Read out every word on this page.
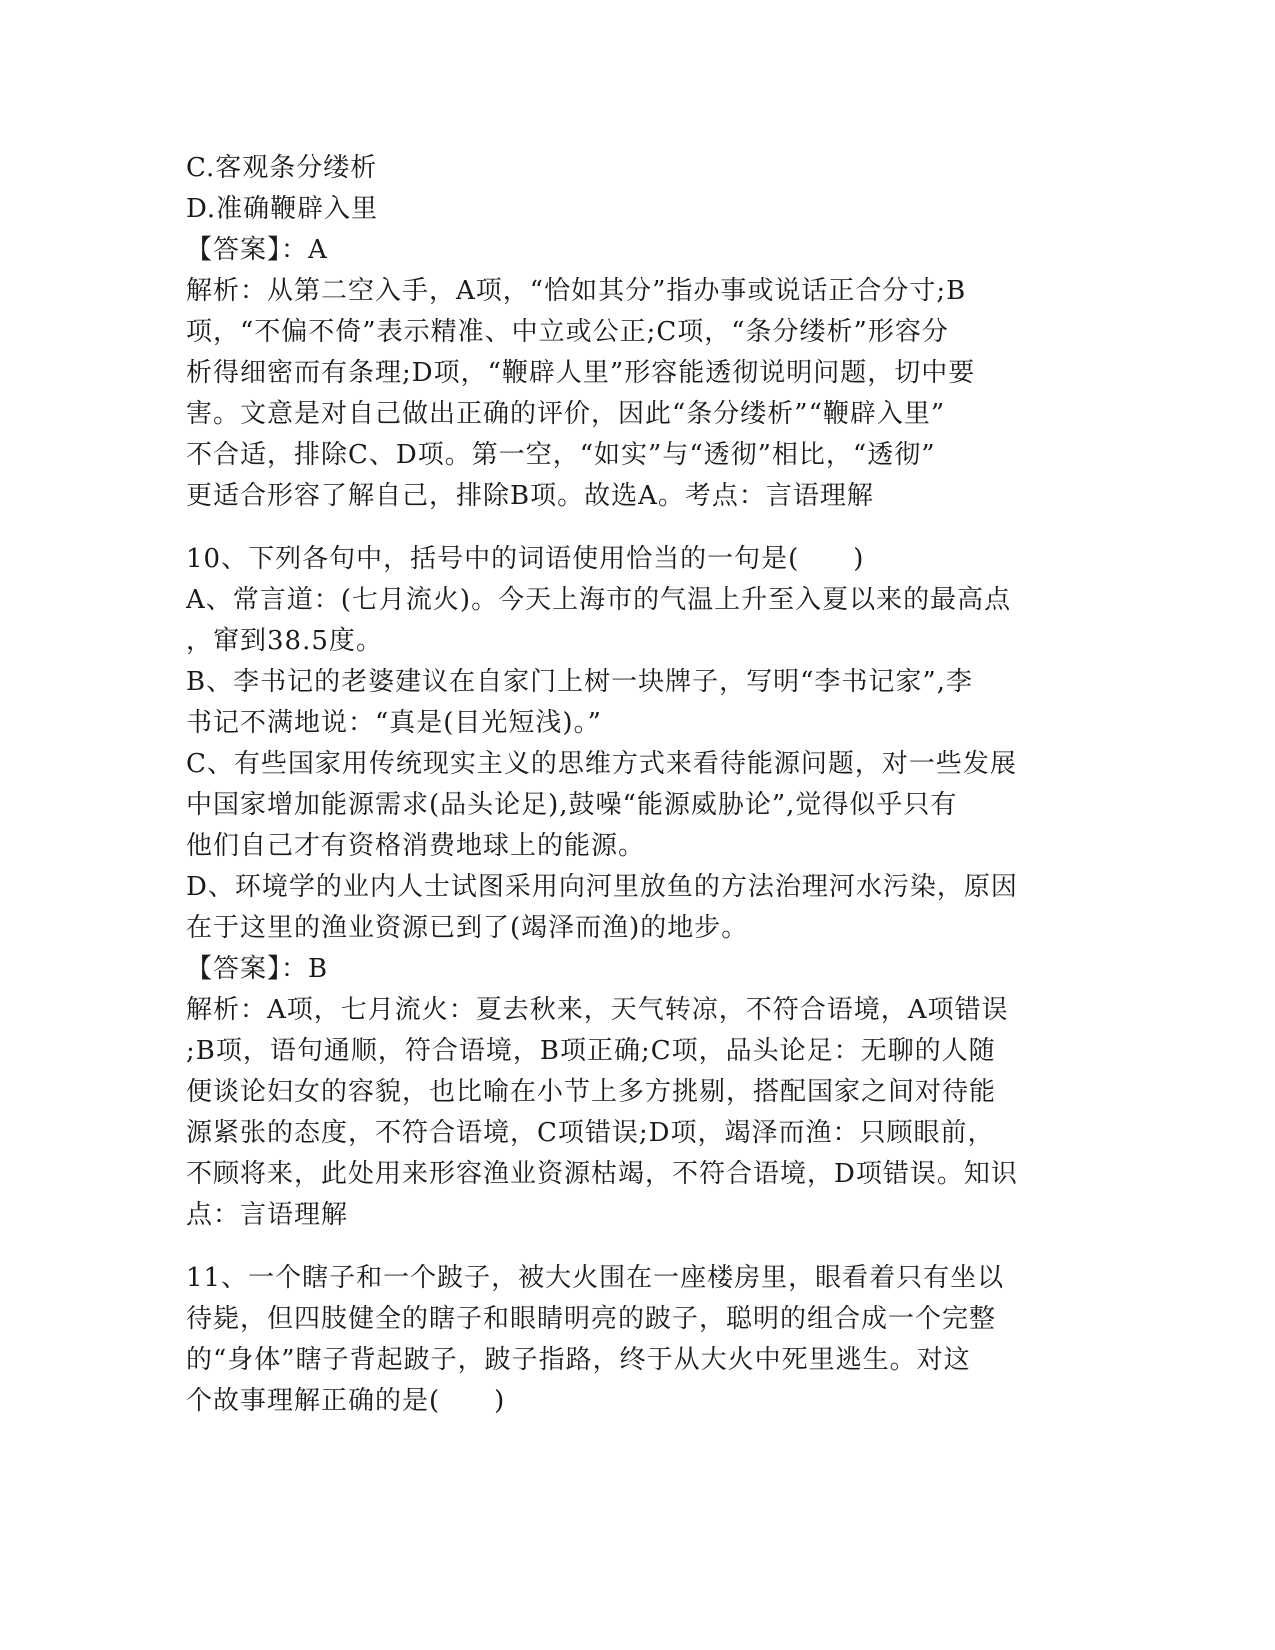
C.客观条分缕析
D.准确鞭辟入里
【答案】：A
解析：从第二空入手，A项，“恰如其分”指办事或说话正合分寸;B
项，“不偏不倚”表示精准、中立或公正;C项，“条分缕析”形容分
析得细密而有条理;D项，“鞭辟人里”形容能透彻说明问题，切中要
害。文意是对自己做出正确的评价，因此“条分缕析”“鞭辟入里”
不合适，排除C、D项。第一空，“如实”与“透彻”相比，“透彻”
更适合形容了解自己，排除B项。故选A。考点：言语理解
10、下列各句中，括号中的词语使用恰当的一句是(　　)
A、常言道：(七月流火)。今天上海市的气温上升至入夏以来的最高点
，窜到38.5度。
B、李书记的老婆建议在自家门上树一块牌子，写明“李书记家”,李
书记不满地说：“真是(目光短浅)。”
C、有些国家用传统现实主义的思维方式来看待能源问题，对一些发展
中国家增加能源需求(品头论足),鼓噪“能源威胁论”,觉得似乎只有
他们自己才有资格消费地球上的能源。
D、环境学的业内人士试图采用向河里放鱼的方法治理河水污染，原因
在于这里的渔业资源已到了(竭泽而渔)的地步。
【答案】：B
解析：A项，七月流火：夏去秋来，天气转凉，不符合语境，A项错误
;B项，语句通顺，符合语境，B项正确;C项，品头论足：无聊的人随
便谈论妇女的容貌，也比喻在小节上多方挑剔，搭配国家之间对待能
源紧张的态度，不符合语境，C项错误;D项，竭泽而渔：只顾眼前，
不顾将来，此处用来形容渔业资源枯竭，不符合语境，D项错误。知识
点：言语理解
11、一个瞎子和一个跛子，被大火围在一座楼房里，眼看着只有坐以
待毙，但四肢健全的瞎子和眼睛明亮的跛子，聪明的组合成一个完整
的“身体”瞎子背起跛子，跛子指路，终于从大火中死里逃生。对这
个故事理解正确的是(　　)
